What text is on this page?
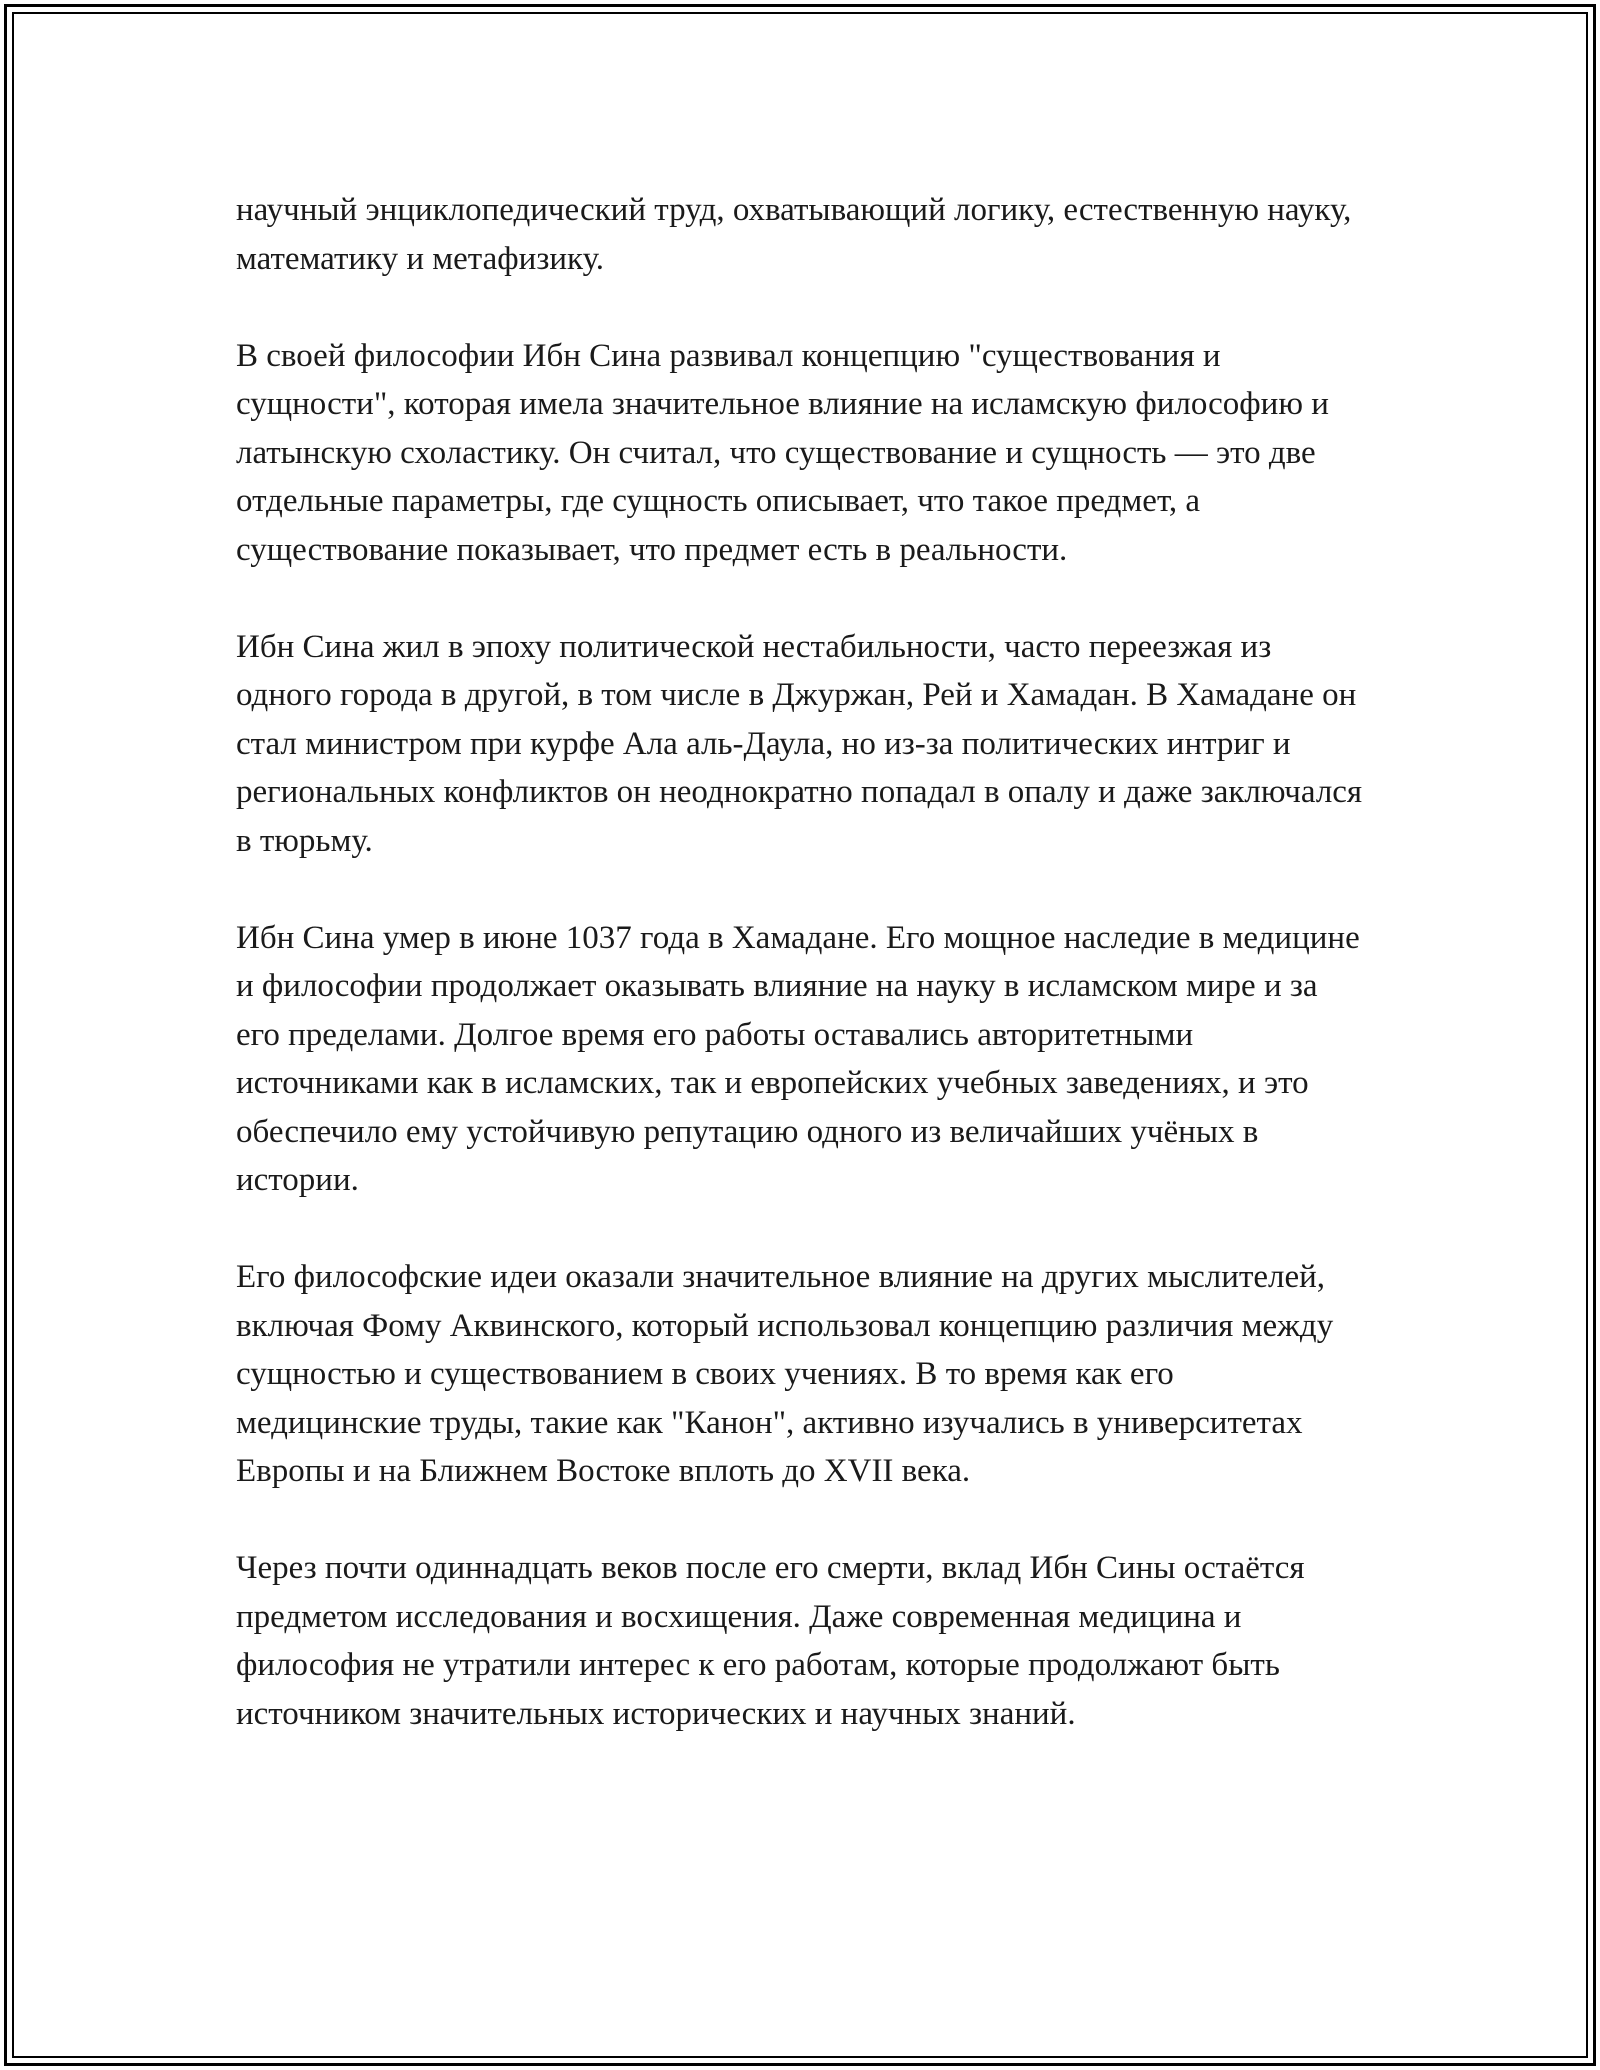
научный энциклопедический труд, охватывающий логику, естественную науку, математику и метафизику.

В своей философии Ибн Сина развивал концепцию "существования и сущности", которая имела значительное влияние на исламскую философию и латынскую схоластику. Он считал, что существование и сущность — это две отдельные параметры, где сущность описывает, что такое предмет, а существование показывает, что предмет есть в реальности.

Ибн Сина жил в эпоху политической нестабильности, часто переезжая из одного города в другой, в том числе в Джуржан, Рей и Хамадан. В Хамадане он стал министром при курфе Ала аль-Даула, но из-за политических интриг и региональных конфликтов он неоднократно попадал в опалу и даже заключался в тюрьму.

Ибн Сина умер в июне 1037 года в Хамадане. Его мощное наследие в медицине и философии продолжает оказывать влияние на науку в исламском мире и за его пределами. Долгое время его работы оставались авторитетными источниками как в исламских, так и европейских учебных заведениях, и это обеспечило ему устойчивую репутацию одного из величайших учёных в истории.

Его философские идеи оказали значительное влияние на других мыслителей, включая Фому Аквинского, который использовал концепцию различия между сущностью и существованием в своих учениях. В то время как его медицинские труды, такие как "Канон", активно изучались в университетах Европы и на Ближнем Востоке вплоть до XVII века.

Через почти одиннадцать веков после его смерти, вклад Ибн Сины остаётся предметом исследования и восхищения. Даже современная медицина и философия не утратили интерес к его работам, которые продолжают быть источником значительных исторических и научных знаний.
